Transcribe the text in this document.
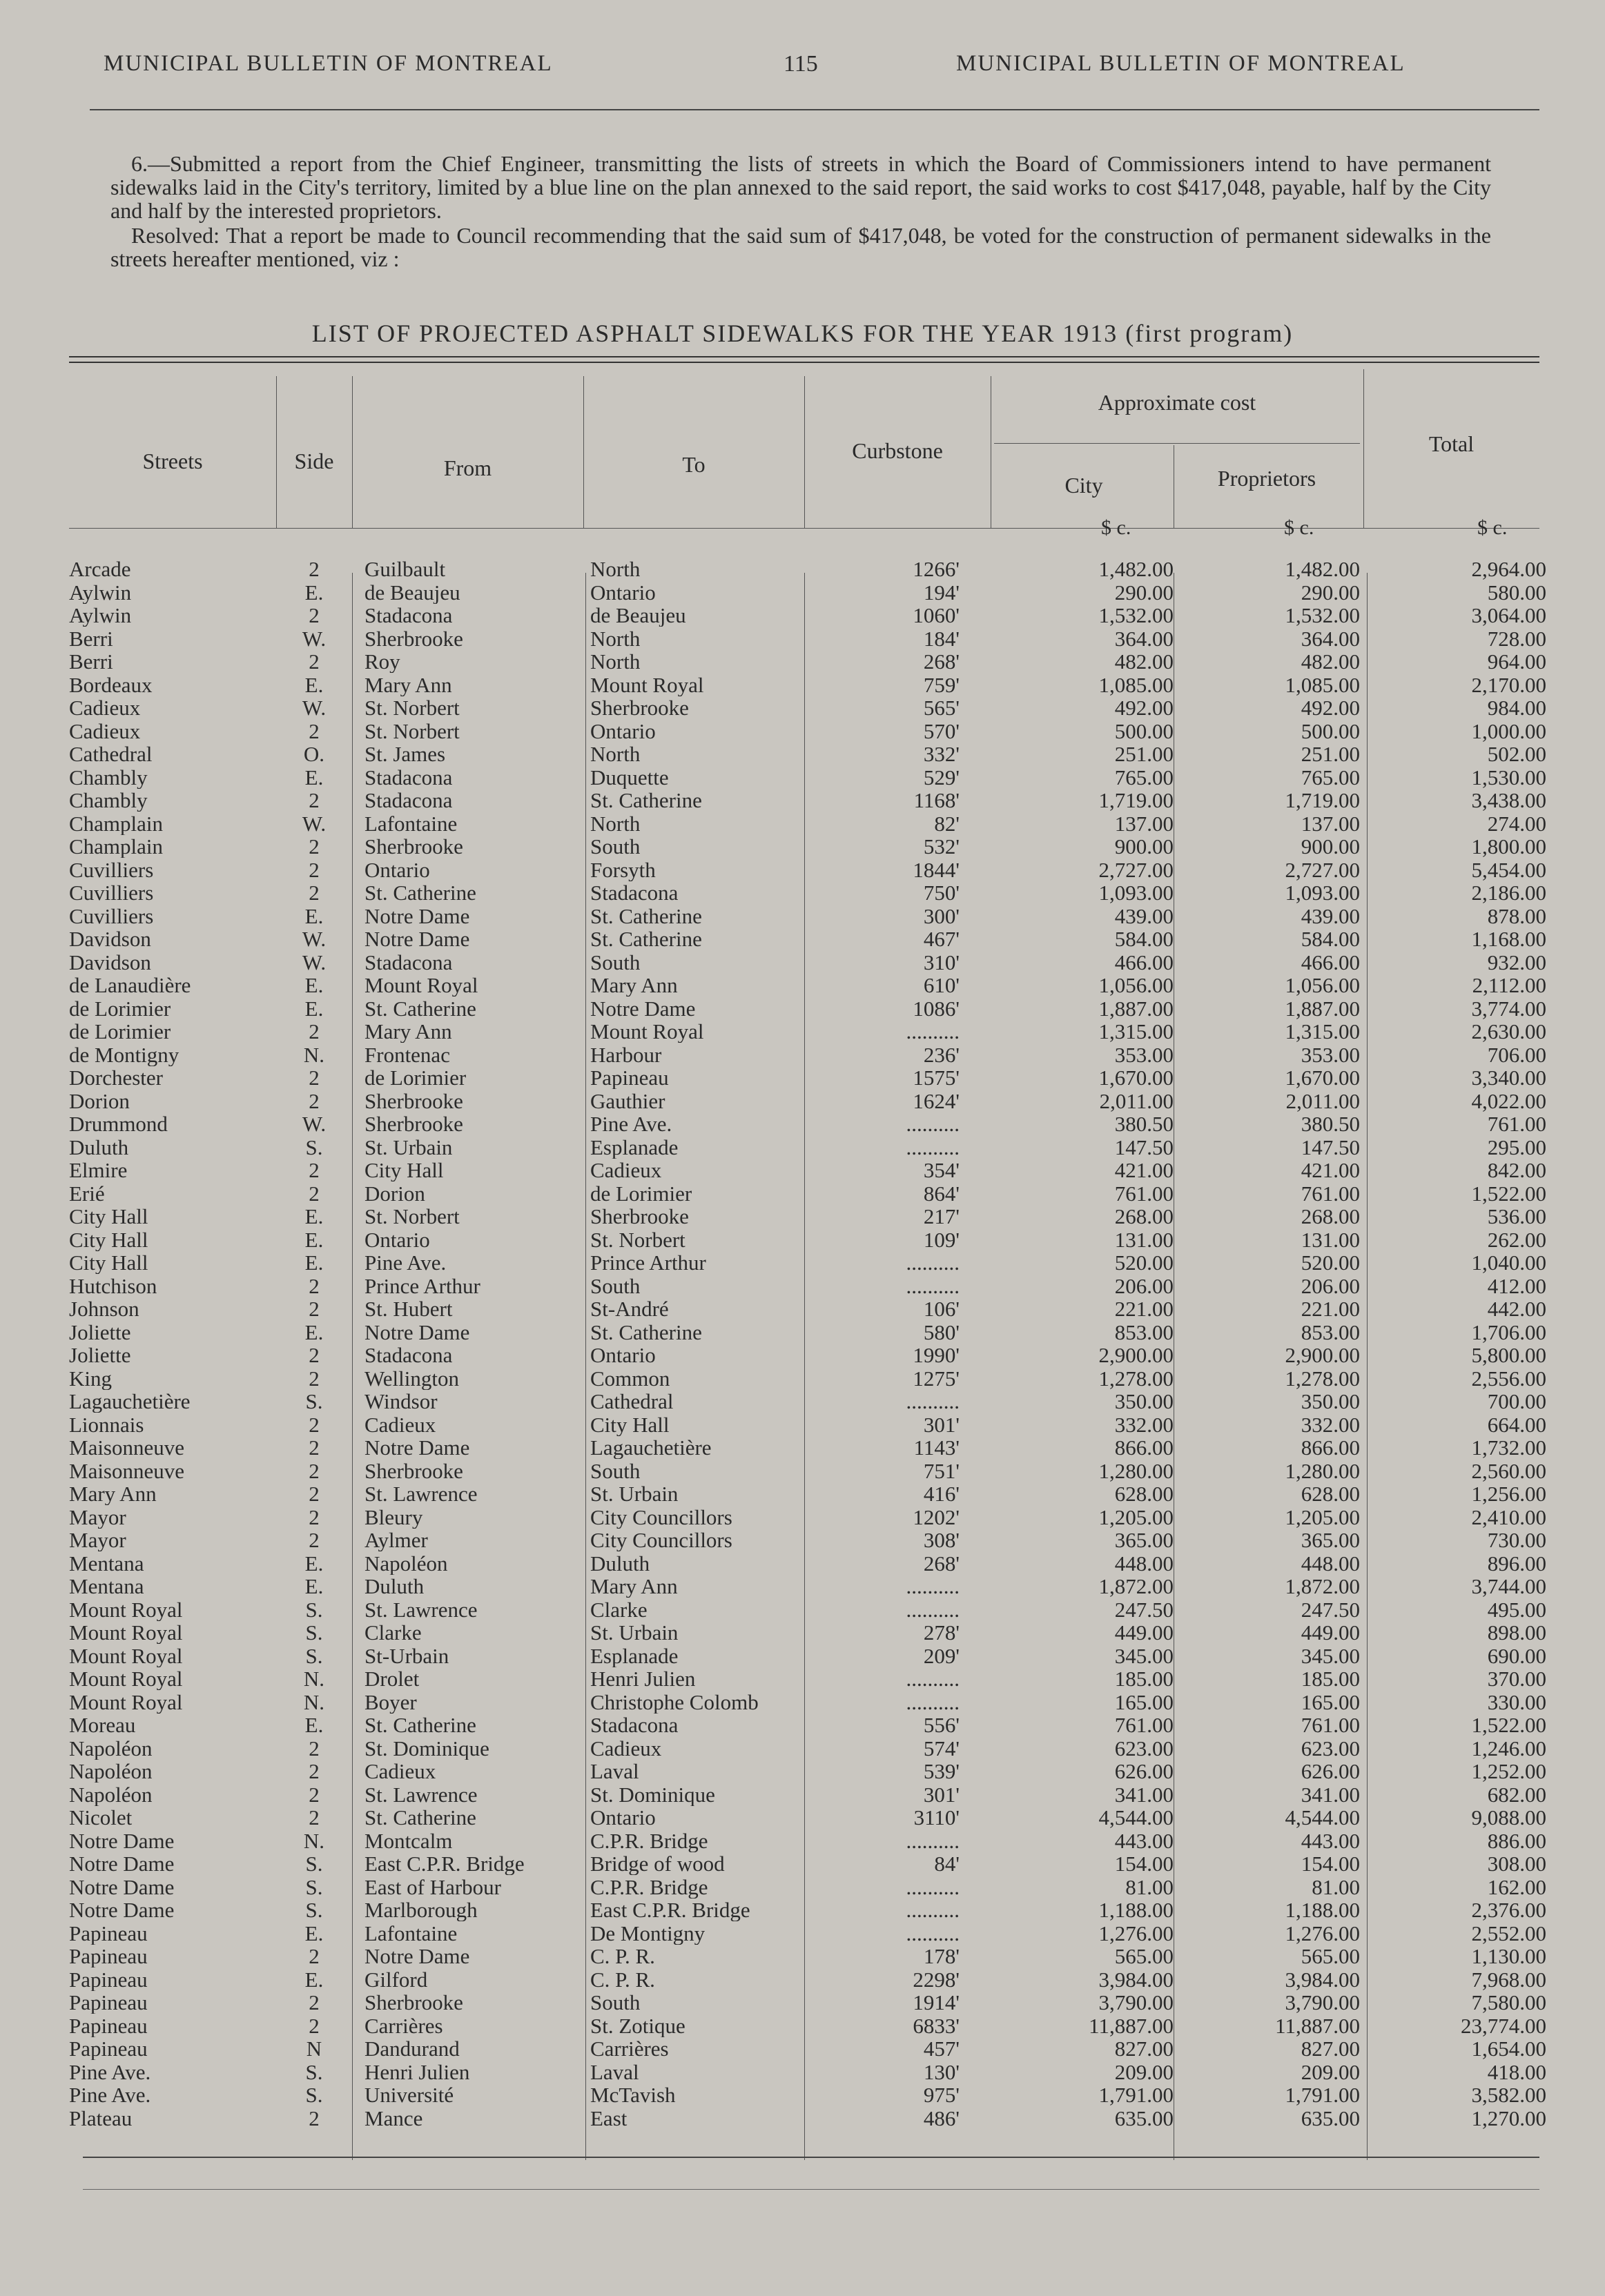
MUNICIPAL BULLETIN OF MONTREAL	115	MUNICIPAL BULLETIN OF MONTREAL

6.—Submitted a report from the Chief Engineer, transmitting the lists of streets in which the Board of Commissioners intend to have permanent sidewalks laid in the City's territory, limited by a blue line on the plan annexed to the said report, the said works to cost $417,048, payable, half by the City and half by the interested proprietors.

Resolved: That a report be made to Council recommending that the said sum of $417,048, be voted for the construction of permanent sidewalks in the streets hereafter mentioned, viz :

LIST OF PROJECTED ASPHALT SIDEWALKS FOR THE YEAR 1913 (first program)
Streets	Side	From	To
Curbstone
Approximate cost
City	Proprietors
Total
$ c.	$ c.	$ c.
Arcade	2	Guilbault	North	1266'	1,482.00	1,482.00	2,964.00
Aylwin	E.	de Beaujeu	Ontario	194'	290.00	290.00	580.00
Aylwin	2	Stadacona	de Beaujeu	1060'	1,532.00	1,532.00	3,064.00
Berri	W.	Sherbrooke	North	184'	364.00	364.00	728.00
Berri	2	Roy	North	268'	482.00	482.00	964.00
Bordeaux	E.	Mary Ann	Mount Royal	759'	1,085.00	1,085.00	2,170.00
Cadieux	W.	St. Norbert	Sherbrooke	565'	492.00	492.00	984.00
Cadieux	2	St. Norbert	Ontario	570'	500.00	500.00	1,000.00
Cathedral	O.	St. James	North	332'	251.00	251.00	502.00
Chambly	E.	Stadacona	Duquette	529'	765.00	765.00	1,530.00
Chambly	2	Stadacona	St. Catherine	1168'	1,719.00	1,719.00	3,438.00
Champlain	W.	Lafontaine	North	82'	137.00	137.00	274.00
Champlain	2	Sherbrooke	South	532'	900.00	900.00	1,800.00
Cuvilliers	2	Ontario	Forsyth	1844'	2,727.00	2,727.00	5,454.00
Cuvilliers	2	St. Catherine	Stadacona	750'	1,093.00	1,093.00	2,186.00
Cuvilliers	E.	Notre Dame	St. Catherine	300'	439.00	439.00	878.00
Davidson	W.	Notre Dame	St. Catherine	467'	584.00	584.00	1,168.00
Davidson	W.	Stadacona	South	310'	466.00	466.00	932.00
de Lanaudière	E.	Mount Royal	Mary Ann	610'	1,056.00	1,056.00	2,112.00
de Lorimier	E.	St. Catherine	Notre Dame	1086'	1,887.00	1,887.00	3,774.00
de Lorimier	2	Mary Ann	Mount Royal	..........	1,315.00	1,315.00	2,630.00
de Montigny	N.	Frontenac	Harbour	236'	353.00	353.00	706.00
Dorchester	2	de Lorimier	Papineau	1575'	1,670.00	1,670.00	3,340.00
Dorion	2	Sherbrooke	Gauthier	1624'	2,011.00	2,011.00	4,022.00
Drummond	W.	Sherbrooke	Pine Ave.	..........	380.50	380.50	761.00
Duluth	S.	St. Urbain	Esplanade	..........	147.50	147.50	295.00
Elmire	2	City Hall	Cadieux	354'	421.00	421.00	842.00
Erié	2	Dorion	de Lorimier	864'	761.00	761.00	1,522.00
City Hall	E.	St. Norbert	Sherbrooke	217'	268.00	268.00	536.00
City Hall	E.	Ontario	St. Norbert	109'	131.00	131.00	262.00
City Hall	E.	Pine Ave.	Prince Arthur	..........	520.00	520.00	1,040.00
Hutchison	2	Prince Arthur	South	..........	206.00	206.00	412.00
Johnson	2	St. Hubert	St-André	106'	221.00	221.00	442.00
Joliette	E.	Notre Dame	St. Catherine	580'	853.00	853.00	1,706.00
Joliette	2	Stadacona	Ontario	1990'	2,900.00	2,900.00	5,800.00
King	2	Wellington	Common	1275'	1,278.00	1,278.00	2,556.00
Lagauchetière	S.	Windsor	Cathedral	..........	350.00	350.00	700.00
Lionnais	2	Cadieux	City Hall	301'	332.00	332.00	664.00
Maisonneuve	2	Notre Dame	Lagauchetière	1143'	866.00	866.00	1,732.00
Maisonneuve	2	Sherbrooke	South	751'	1,280.00	1,280.00	2,560.00
Mary Ann	2	St. Lawrence	St. Urbain	416'	628.00	628.00	1,256.00
Mayor	2	Bleury	City Councillors	1202'	1,205.00	1,205.00	2,410.00
Mayor	2	Aylmer	City Councillors	308'	365.00	365.00	730.00
Mentana	E.	Napoléon	Duluth	268'	448.00	448.00	896.00
Mentana	E.	Duluth	Mary Ann	..........	1,872.00	1,872.00	3,744.00
Mount Royal	S.	St. Lawrence	Clarke	..........	247.50	247.50	495.00
Mount Royal	S.	Clarke	St. Urbain	278'	449.00	449.00	898.00
Mount Royal	S.	St-Urbain	Esplanade	209'	345.00	345.00	690.00
Mount Royal	N.	Drolet	Henri Julien	..........	185.00	185.00	370.00
Mount Royal	N.	Boyer	Christophe Colomb	..........	165.00	165.00	330.00
Moreau	E.	St. Catherine	Stadacona	556'	761.00	761.00	1,522.00
Napoléon	2	St. Dominique	Cadieux	574'	623.00	623.00	1,246.00
Napoléon	2	Cadieux	Laval	539'	626.00	626.00	1,252.00
Napoléon	2	St. Lawrence	St. Dominique	301'	341.00	341.00	682.00
Nicolet	2	St. Catherine	Ontario	3110'	4,544.00	4,544.00	9,088.00
Notre Dame	N.	Montcalm	C.P.R. Bridge	..........	443.00	443.00	886.00
Notre Dame	S.	East C.P.R. Bridge	Bridge of wood	84'	154.00	154.00	308.00
Notre Dame	S.	East of Harbour	C.P.R. Bridge	..........	81.00	81.00	162.00
Notre Dame	S.	Marlborough	East C.P.R. Bridge	..........	1,188.00	1,188.00	2,376.00
Papineau	E.	Lafontaine	De Montigny	..........	1,276.00	1,276.00	2,552.00
Papineau	2	Notre Dame	C. P. R.	178'	565.00	565.00	1,130.00
Papineau	E.	Gilford	C. P. R.	2298'	3,984.00	3,984.00	7,968.00
Papineau	2	Sherbrooke	South	1914'	3,790.00	3,790.00	7,580.00
Papineau	2	Carrières	St. Zotique	6833'	11,887.00	11,887.00	23,774.00
Papineau	N	Dandurand	Carrières	457'	827.00	827.00	1,654.00
Pine Ave.	S.	Henri Julien	Laval	130'	209.00	209.00	418.00
Pine Ave.	S.	Université	McTavish	975'	1,791.00	1,791.00	3,582.00
Plateau	2	Mance	East	486'	635.00	635.00	1,270.00
